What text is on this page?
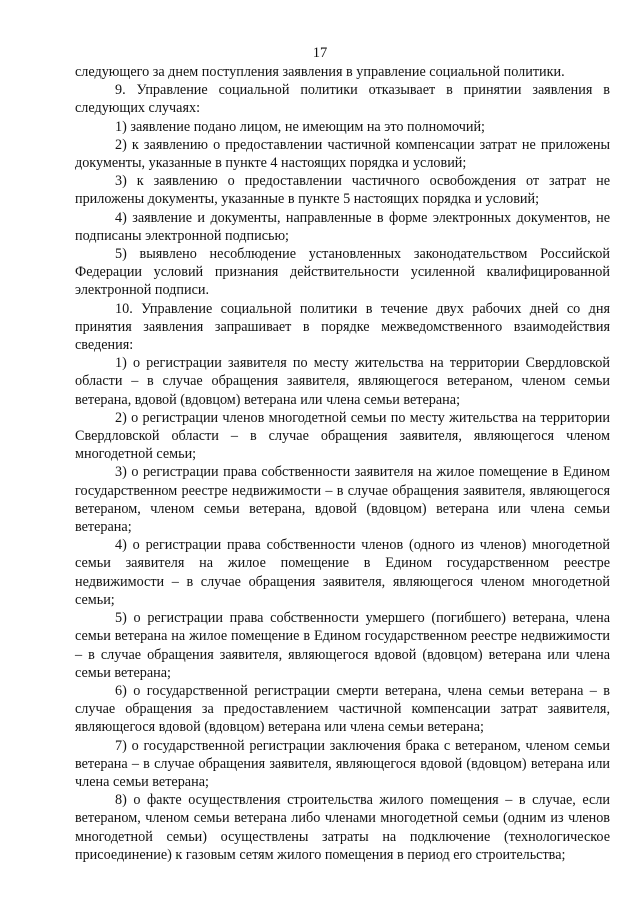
17

следующего за днем поступления заявления в управление социальной политики.

9. Управление социальной политики отказывает в принятии заявления в следующих случаях:

1) заявление подано лицом, не имеющим на это полномочий;

2) к заявлению о предоставлении частичной компенсации затрат не приложены документы, указанные в пункте 4 настоящих порядка и условий;

3) к заявлению о предоставлении частичного освобождения от затрат не приложены документы, указанные в пункте 5 настоящих порядка и условий;

4) заявление и документы, направленные в форме электронных документов, не подписаны электронной подписью;

5) выявлено несоблюдение установленных законодательством Российской Федерации условий признания действительности усиленной квалифицированной электронной подписи.

10. Управление социальной политики в течение двух рабочих дней со дня принятия заявления запрашивает в порядке межведомственного взаимодействия сведения:

1) о регистрации заявителя по месту жительства на территории Свердловской области – в случае обращения заявителя, являющегося ветераном, членом семьи ветерана, вдовой (вдовцом) ветерана или члена семьи ветерана;

2) о регистрации членов многодетной семьи по месту жительства на территории Свердловской области – в случае обращения заявителя, являющегося членом многодетной семьи;

3) о регистрации права собственности заявителя на жилое помещение в Едином государственном реестре недвижимости – в случае обращения заявителя, являющегося ветераном, членом семьи ветерана, вдовой (вдовцом) ветерана или члена семьи ветерана;

4) о регистрации права собственности членов (одного из членов) многодетной семьи заявителя на жилое помещение в Едином государственном реестре недвижимости – в случае обращения заявителя, являющегося членом многодетной семьи;

5) о регистрации права собственности умершего (погибшего) ветерана, члена семьи ветерана на жилое помещение в Едином государственном реестре недвижимости – в случае обращения заявителя, являющегося вдовой (вдовцом) ветерана или члена семьи ветерана;

6) о государственной регистрации смерти ветерана, члена семьи ветерана – в случае обращения за предоставлением частичной компенсации затрат заявителя, являющегося вдовой (вдовцом) ветерана или члена семьи ветерана;

7) о государственной регистрации заключения брака с ветераном, членом семьи ветерана – в случае обращения заявителя, являющегося вдовой (вдовцом) ветерана или члена семьи ветерана;

8) о факте осуществления строительства жилого помещения – в случае, если ветераном, членом семьи ветерана либо членами многодетной семьи (одним из членов многодетной семьи) осуществлены затраты на подключение (технологическое присоединение) к газовым сетям жилого помещения в период его строительства;
